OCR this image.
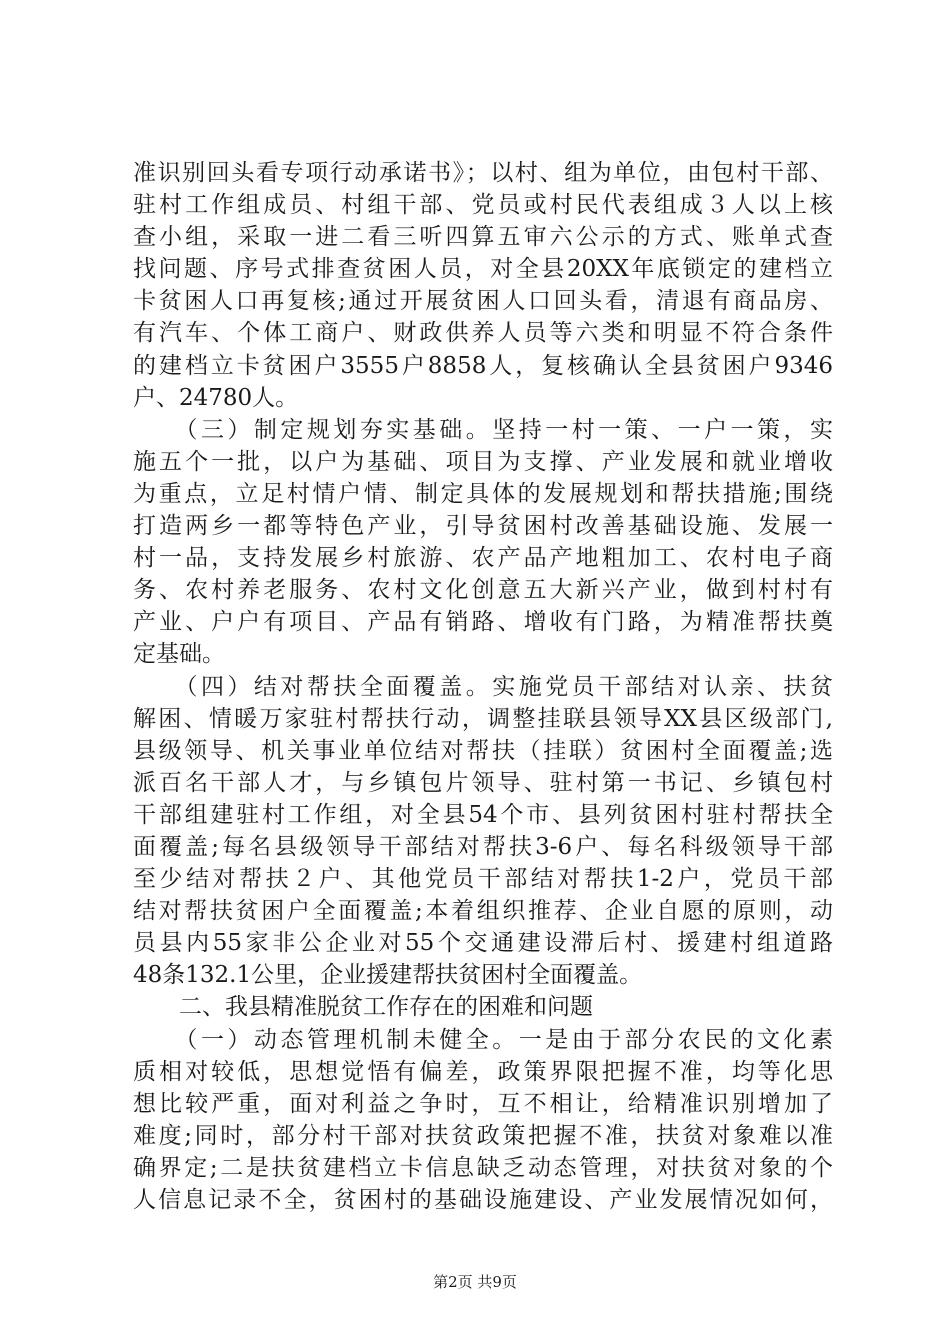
准识别回头看专项行动承诺书》；以村、组为单位，由包村干部、
驻村工作组成员、村组干部、党员或村民代表组成３人以上核
查小组，采取一进二看三听四算五审六公示的方式、账单式查
找问题、序号式排查贫困人员，对全县20XX年底锁定的建档立
卡贫困人口再复核;通过开展贫困人口回头看，清退有商品房、
有汽车、个体工商户、财政供养人员等六类和明显不符合条件
的建档立卡贫困户3555户8858人，复核确认全县贫困户9346
户、24780人。
　　（三）制定规划夯实基础。坚持一村一策、一户一策，实
施五个一批，以户为基础、项目为支撑、产业发展和就业增收
为重点，立足村情户情、制定具体的发展规划和帮扶措施;围绕
打造两乡一都等特色产业，引导贫困村改善基础设施、发展一
村一品，支持发展乡村旅游、农产品产地粗加工、农村电子商
务、农村养老服务、农村文化创意五大新兴产业，做到村村有
产业、户户有项目、产品有销路、增收有门路，为精准帮扶奠
定基础。
　　（四）结对帮扶全面覆盖。实施党员干部结对认亲、扶贫
解困、情暖万家驻村帮扶行动，调整挂联县领导XX县区级部门,
县级领导、机关事业单位结对帮扶（挂联）贫困村全面覆盖;选
派百名干部人才，与乡镇包片领导、驻村第一书记、乡镇包村
干部组建驻村工作组，对全县54个市、县列贫困村驻村帮扶全
面覆盖;每名县级领导干部结对帮扶3-6户、每名科级领导干部
至少结对帮扶２户、其他党员干部结对帮扶1-2户，党员干部
结对帮扶贫困户全面覆盖;本着组织推荐、企业自愿的原则，动
员县内55家非公企业对55个交通建设滞后村、援建村组道路
48条132.1公里，企业援建帮扶贫困村全面覆盖。
　　二、我县精准脱贫工作存在的困难和问题
　　（一）动态管理机制未健全。一是由于部分农民的文化素
质相对较低，思想觉悟有偏差，政策界限把握不准，均等化思
想比较严重，面对利益之争时，互不相让，给精准识别增加了
难度;同时，部分村干部对扶贫政策把握不准，扶贫对象难以准
确界定;二是扶贫建档立卡信息缺乏动态管理，对扶贫对象的个
人信息记录不全，贫困村的基础设施建设、产业发展情况如何，
第2页 共9页
